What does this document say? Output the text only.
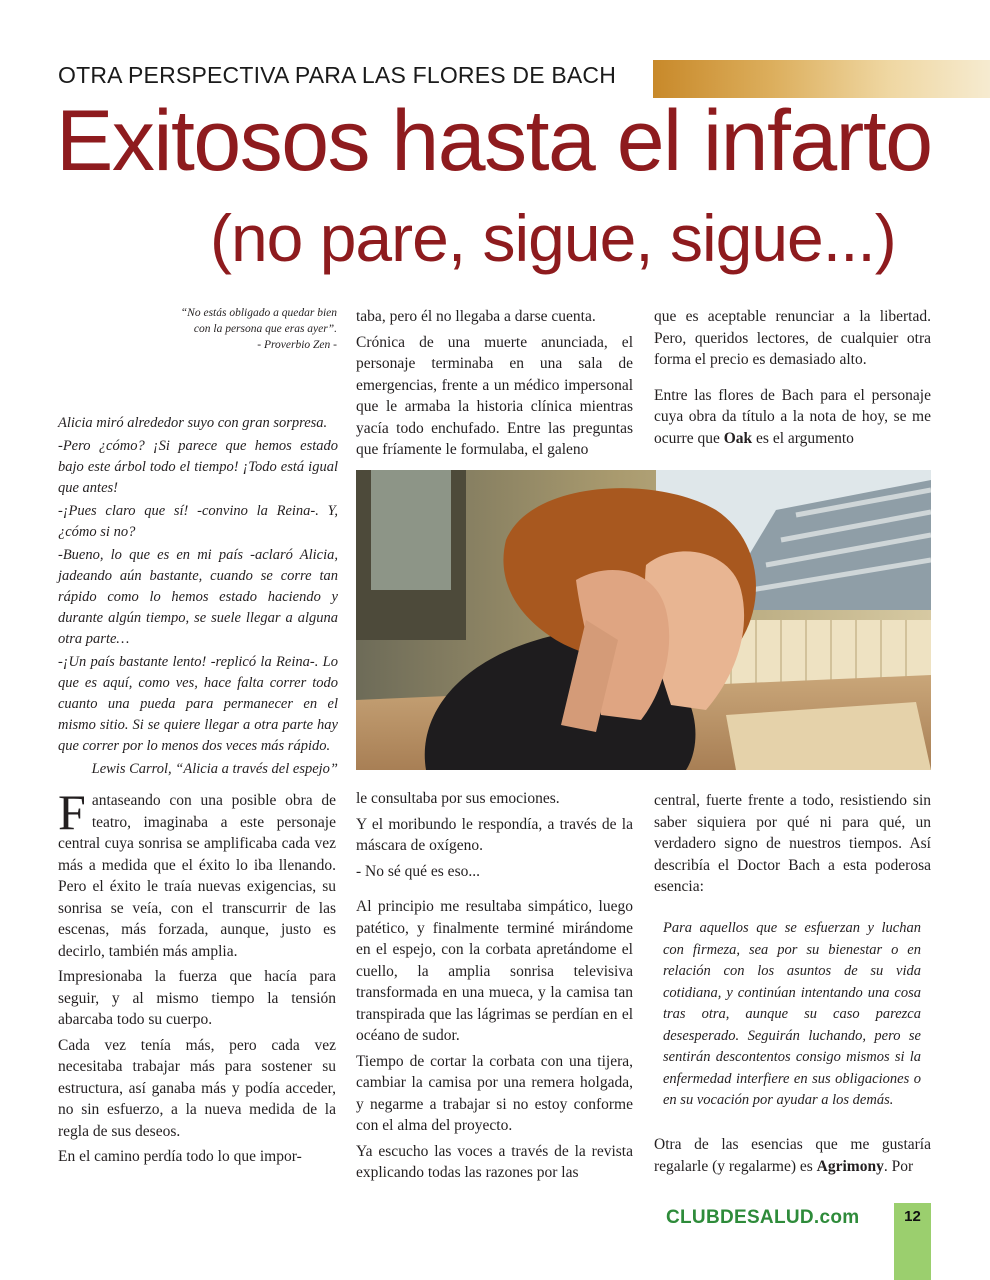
OTRA PERSPECTIVA PARA LAS FLORES DE BACH
Exitosos hasta el infarto
(no pare, sigue, sigue...)
“No estás obligado a quedar bien
con la persona que eras ayer”.
- Proverbio Zen -

Alicia miró alrededor suyo con gran sorpresa.

-Pero ¿cómo? ¡Si parece que hemos estado bajo este árbol todo el tiempo! ¡Todo está igual que antes!

-¡Pues claro que sí! -convino la Reina-. Y, ¿cómo si no?

-Bueno, lo que es en mi país -aclaró Alicia, jadeando aún bastante, cuando se corre tan rápido como lo hemos estado haciendo y durante algún tiempo, se suele llegar a alguna otra parte…

-¡Un país bastante lento! -replicó la Reina-. Lo que es aquí, como ves, hace falta correr todo cuanto una pueda para permanecer en el mismo sitio. Si se quiere llegar a otra parte hay que correr por lo menos dos veces más rápido.

Lewis Carrol, “Alicia a través del espejo”

taba, pero él no llegaba a darse cuenta.

Crónica de una muerte anunciada, el personaje terminaba en una sala de emergencias, frente a un médico impersonal que le armaba la historia clínica mientras yacía todo enchufado. Entre las preguntas que fríamente le formulaba, el galeno

que es aceptable renunciar a la libertad. Pero, queridos lectores, de cualquier otra forma el precio es demasiado alto.

Entre las flores de Bach para el personaje cuya obra da título a la nota de hoy, se me ocurre que Oak es el argumento

Fantaseando con una posible obra de teatro, imaginaba a este personaje central cuya sonrisa se amplificaba cada vez más a medida que el éxito lo iba llenando. Pero el éxito le traía nuevas exigencias, su sonrisa se veía, con el transcurrir de las escenas, más forzada, aunque, justo es decirlo, también más amplia.

Impresionaba la fuerza que hacía para seguir, y al mismo tiempo la tensión abarcaba todo su cuerpo.

Cada vez tenía más, pero cada vez necesitaba trabajar más para sostener su estructura, así ganaba más y podía acceder, no sin esfuerzo, a la nueva medida de la regla de sus deseos.

En el camino perdía todo lo que impor-

le consultaba por sus emociones.

Y el moribundo le respondía, a través de la máscara de oxígeno.

- No sé qué es eso...

Al principio me resultaba simpático, luego patético, y finalmente terminé mirándome en el espejo, con la corbata apretándome el cuello, la amplia sonrisa televisiva transformada en una mueca, y la camisa tan transpirada que las lágrimas se perdían en el océano de sudor.

Tiempo de cortar la corbata con una tijera, cambiar la camisa por una remera holgada, y negarme a trabajar si no estoy conforme con el alma del proyecto.

Ya escucho las voces a través de la revista explicando todas las razones por las

central, fuerte frente a todo, resistiendo sin saber siquiera por qué ni para qué, un verdadero signo de nuestros tiempos. Así describía el Doctor Bach a esta poderosa esencia:

Para aquellos que se esfuerzan y luchan con firmeza, sea por su bienestar o en relación con los asuntos de su vida cotidiana, y continúan intentando una cosa tras otra, aunque su caso parezca desesperado. Seguirán luchando, pero se sentirán descontentos consigo mismos si la enfermedad interfiere en sus obligaciones o en su vocación por ayudar a los demás.

Otra de las esencias que me gustaría regalarle (y regalarme) es Agrimony. Por

CLUBDESALUD.com	12
